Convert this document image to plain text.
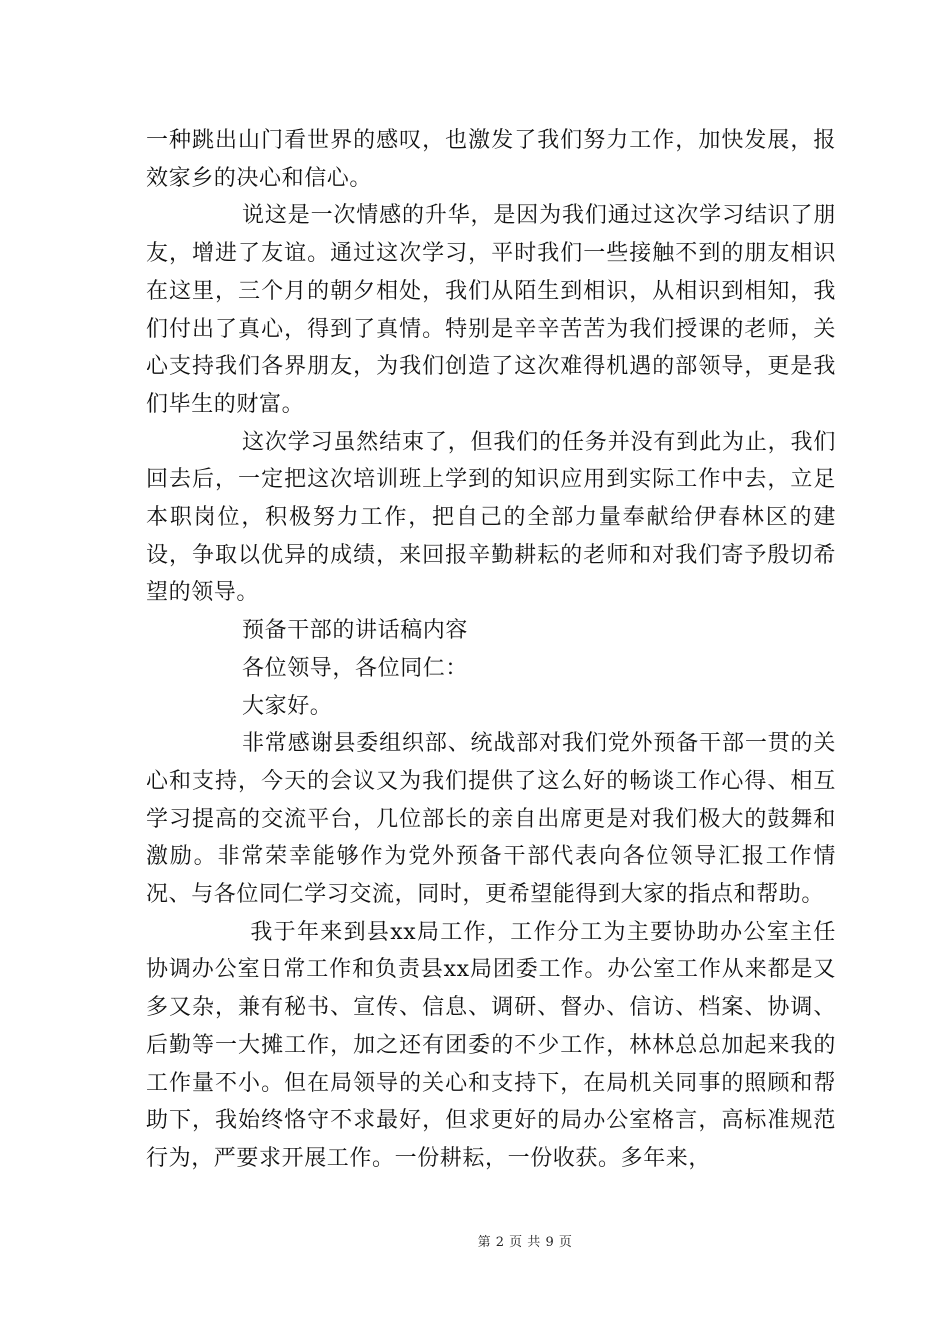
一种跳出山门看世界的感叹，也激发了我们努力工作，加快发展，报效家乡的决心和信心。

说这是一次情感的升华，是因为我们通过这次学习结识了朋友，增进了友谊。通过这次学习，平时我们一些接触不到的朋友相识在这里，三个月的朝夕相处，我们从陌生到相识，从相识到相知，我们付出了真心，得到了真情。特别是辛辛苦苦为我们授课的老师，关心支持我们各界朋友，为我们创造了这次难得机遇的部领导，更是我们毕生的财富。

这次学习虽然结束了，但我们的任务并没有到此为止，我们回去后，一定把这次培训班上学到的知识应用到实际工作中去，立足本职岗位，积极努力工作，把自己的全部力量奉献给伊春林区的建设，争取以优异的成绩，来回报辛勤耕耘的老师和对我们寄予殷切希望的领导。

预备干部的讲话稿内容

各位领导，各位同仁：

大家好。

非常感谢县委组织部、统战部对我们党外预备干部一贯的关心和支持，今天的会议又为我们提供了这么好的畅谈工作心得、相互学习提高的交流平台，几位部长的亲自出席更是对我们极大的鼓舞和激励。非常荣幸能够作为党外预备干部代表向各位领导汇报工作情况、与各位同仁学习交流，同时，更希望能得到大家的指点和帮助。

我于年来到县xx局工作，工作分工为主要协助办公室主任协调办公室日常工作和负责县xx局团委工作。办公室工作从来都是又多又杂，兼有秘书、宣传、信息、调研、督办、信访、档案、协调、后勤等一大摊工作，加之还有团委的不少工作，林林总总加起来我的工作量不小。但在局领导的关心和支持下，在局机关同事的照顾和帮助下，我始终恪守不求最好，但求更好的局办公室格言，高标准规范行为，严要求开展工作。一份耕耘，一份收获。多年来，

第 2 页 共 9 页
